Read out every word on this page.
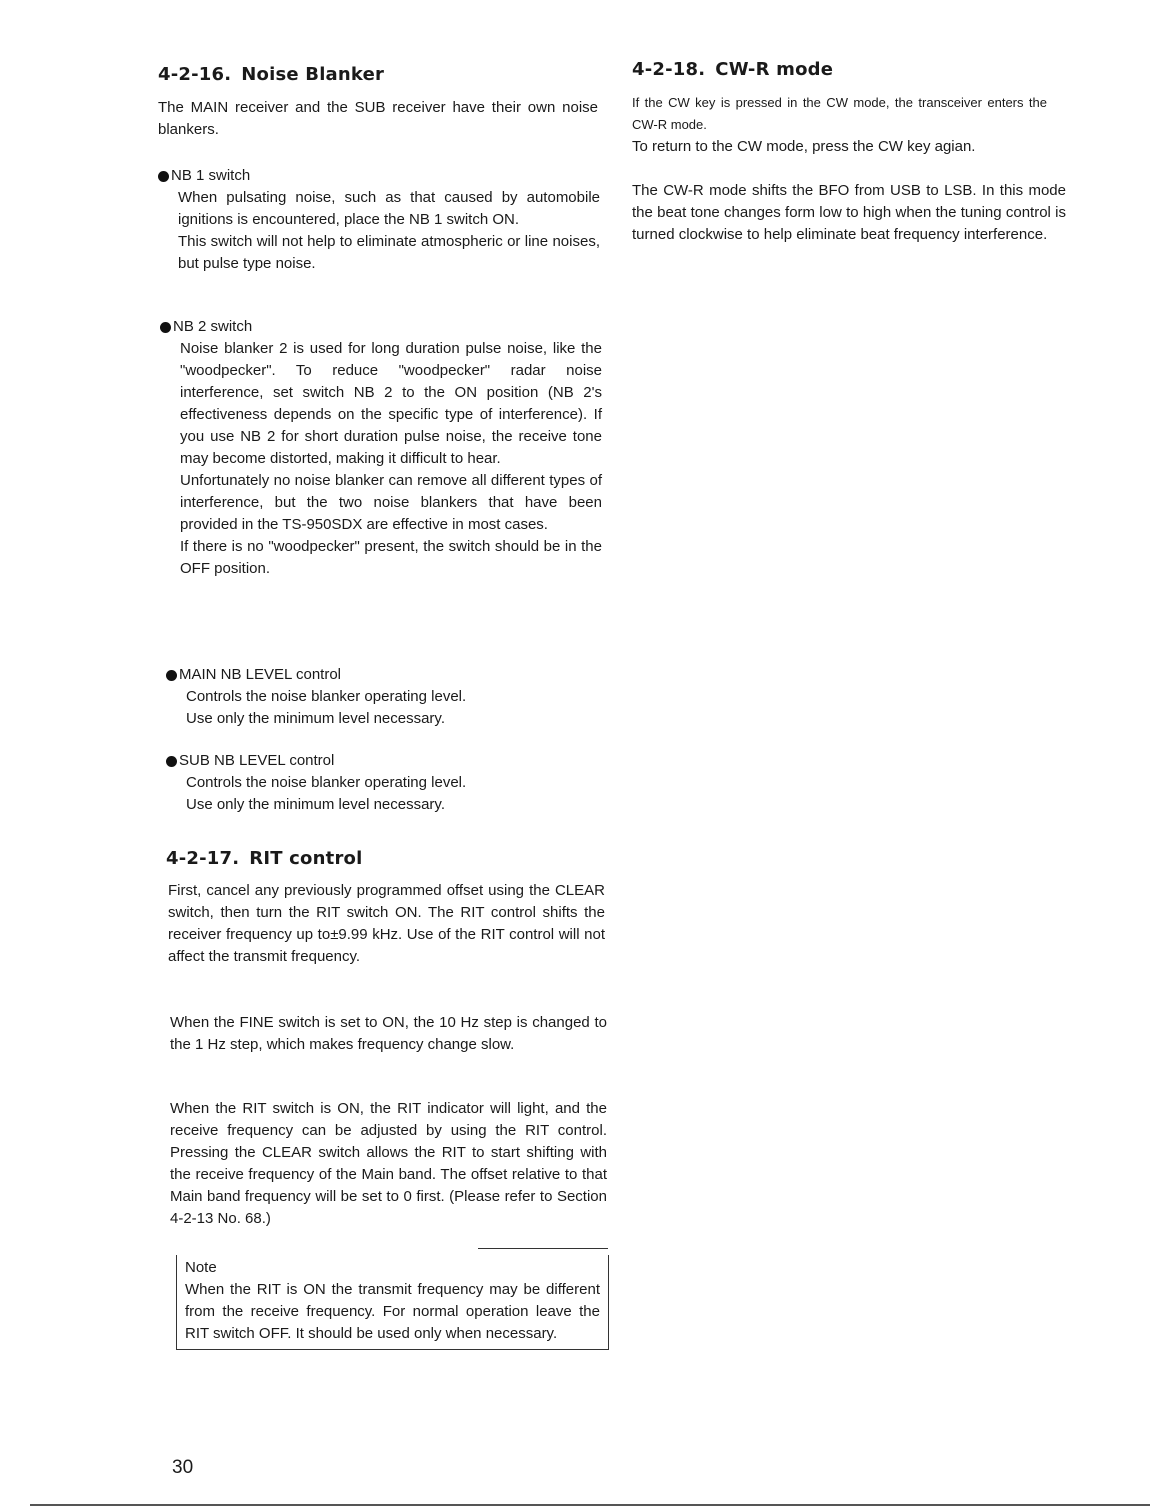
4-2-16. Noise Blanker

The MAIN receiver and the SUB receiver have their own noise blankers.

NB 1 switch

When pulsating noise, such as that caused by automobile ignitions is encountered, place the NB 1 switch ON.

This switch will not help to eliminate atmospheric or line noises, but pulse type noise.

NB 2 switch

Noise blanker 2 is used for long duration pulse noise, like the "woodpecker". To reduce "woodpecker" radar noise interference, set switch NB 2 to the ON position (NB 2's effectiveness depends on the specific type of interference). If you use NB 2 for short duration pulse noise, the receive tone may become distorted, making it difficult to hear.

Unfortunately no noise blanker can remove all different types of interference, but the two noise blankers that have been provided in the TS-950SDX are effective in most cases.

If there is no "woodpecker" present, the switch should be in the OFF position.

MAIN NB LEVEL control

Controls the noise blanker operating level.

Use only the minimum level necessary.

SUB NB LEVEL control

Controls the noise blanker operating level.

Use only the minimum level necessary.

4-2-17. RIT control

First, cancel any previously programmed offset using the CLEAR switch, then turn the RIT switch ON. The RIT control shifts the receiver frequency up to±9.99 kHz. Use of the RIT control will not affect the transmit frequency.

When the FINE switch is set to ON, the 10 Hz step is changed to the 1 Hz step, which makes frequency change slow.

When the RIT switch is ON, the RIT indicator will light, and the receive frequency can be adjusted by using the RIT control. Pressing the CLEAR switch allows the RIT to start shifting with the receive frequency of the Main band. The offset relative to that Main band frequency will be set to 0 first. (Please refer to Section 4-2-13 No. 68.)

Note

When the RIT is ON the transmit frequency may be different from the receive frequency. For normal operation leave the RIT switch OFF. It should be used only when necessary.

4-2-18. CW-R mode

If the CW key is pressed in the CW mode, the transceiver enters the CW-R mode.

To return to the CW mode, press the CW key agian.

The CW-R mode shifts the BFO from USB to LSB. In this mode the beat tone changes form low to high when the tuning control is turned clockwise to help eliminate beat frequency interference.

30
